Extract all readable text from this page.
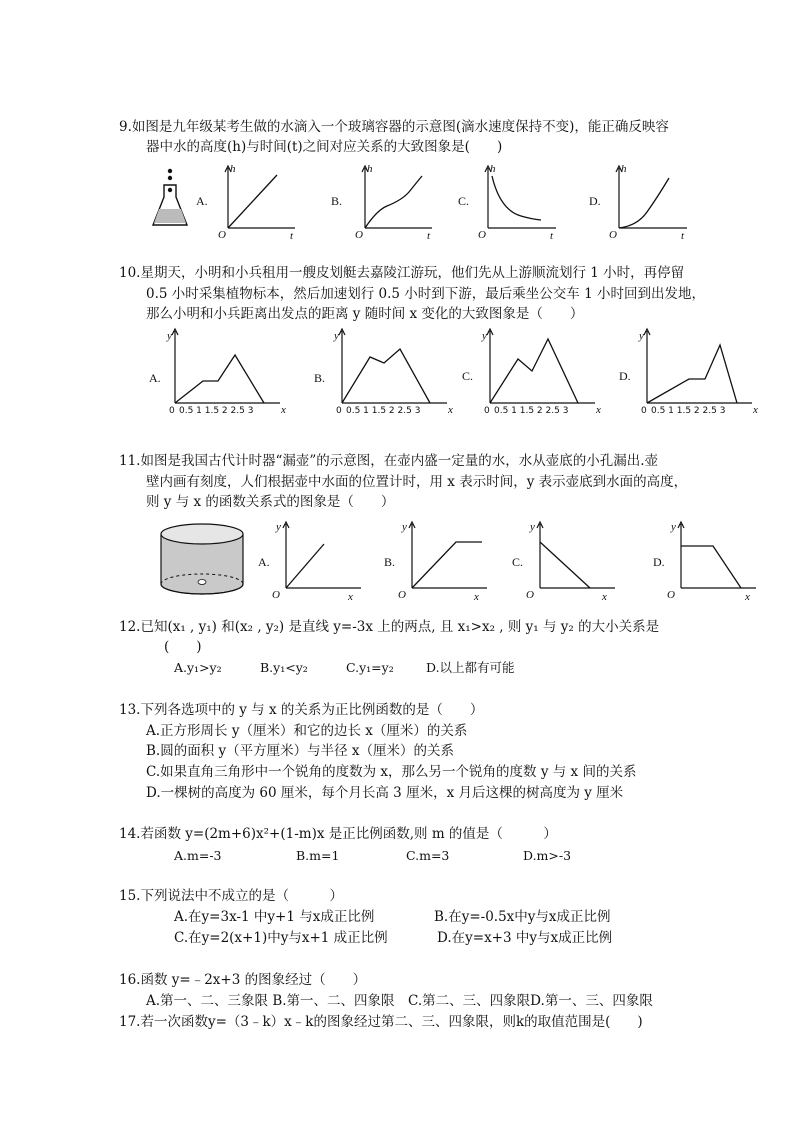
9.如图是九年级某考生做的水滴入一个玻璃容器的示意图(滴水速度保持不变)，能正确反映容
器中水的高度(h)与时间(t)之间对应关系的大致图象是(　　)
A.
h
O	t
B.
h
O	t
C.
h
O	t
D.
h
O	t
10.星期天，小明和小兵租用一艘皮划艇去嘉陵江游玩，他们先从上游顺流划行 1 小时，再停留
0.5 小时采集植物标本，然后加速划行 0.5 小时到下游，最后乘坐公交车 1 小时回到出发地，
那么小明和小兵距离出发点的距离 y 随时间 x 变化的大致图象是（　　）
A.
y
0 0.5 1 1.5 2 2.5 3	x
B.
y
0 0.5 1 1.5 2 2.5 3	x
C.
y
0 0.5 1 1.5 2 2.5 3	x
D.
y
0 0.5 1 1.5 2 2.5 3	x
11.如图是我国古代计时器“漏壶”的示意图，在壶内盛一定量的水，水从壶底的小孔漏出.壶
壁内画有刻度，人们根据壶中水面的位置计时，用 x 表示时间，y 表示壶底到水面的高度，
则 y 与 x 的函数关系式的图象是（　　）
A.
y
O	x
B.
y
O	x
C.
y
O	x
D.
y
O	x
12.已知(x₁ , y₁) 和(x₂ , y₂) 是直线 y=-3x 上的两点, 且 x₁>x₂ , 则 y₁ 与 y₂ 的大小关系是
(　　)
A.y₁>y₂	B.y₁<y₂	C.y₁=y₂	D.以上都有可能
13.下列各选项中的 y 与 x 的关系为正比例函数的是（　　）
A.正方形周长 y（厘米）和它的边长 x（厘米）的关系
B.圆的面积 y（平方厘米）与半径 x（厘米）的关系
C.如果直角三角形中一个锐角的度数为 x，那么另一个锐角的度数 y 与 x 间的关系
D.一棵树的高度为 60 厘米，每个月长高 3 厘米，x 月后这棵的树高度为 y 厘米
14.若函数 y=(2m+6)x²+(1-m)x 是正比例函数,则 m 的值是（　　　）
A.m=-3	B.m=1	C.m=3	D.m>-3
15.下列说法中不成立的是（　　　）
A.在y=3x-1 中y+1 与x成正比例	B.在y=-0.5x中y与x成正比例
C.在y=2(x+1)中y与x+1 成正比例	D.在y=x+3 中y与x成正比例
16.函数 y=﹣2x+3 的图象经过（　　）
A.第一、二、三象限 B.第一、二、四象限　C.第二、三、四象限D.第一、三、四象限
17.若一次函数y=（3﹣k）x﹣k的图象经过第二、三、四象限，则k的取值范围是(　　)
